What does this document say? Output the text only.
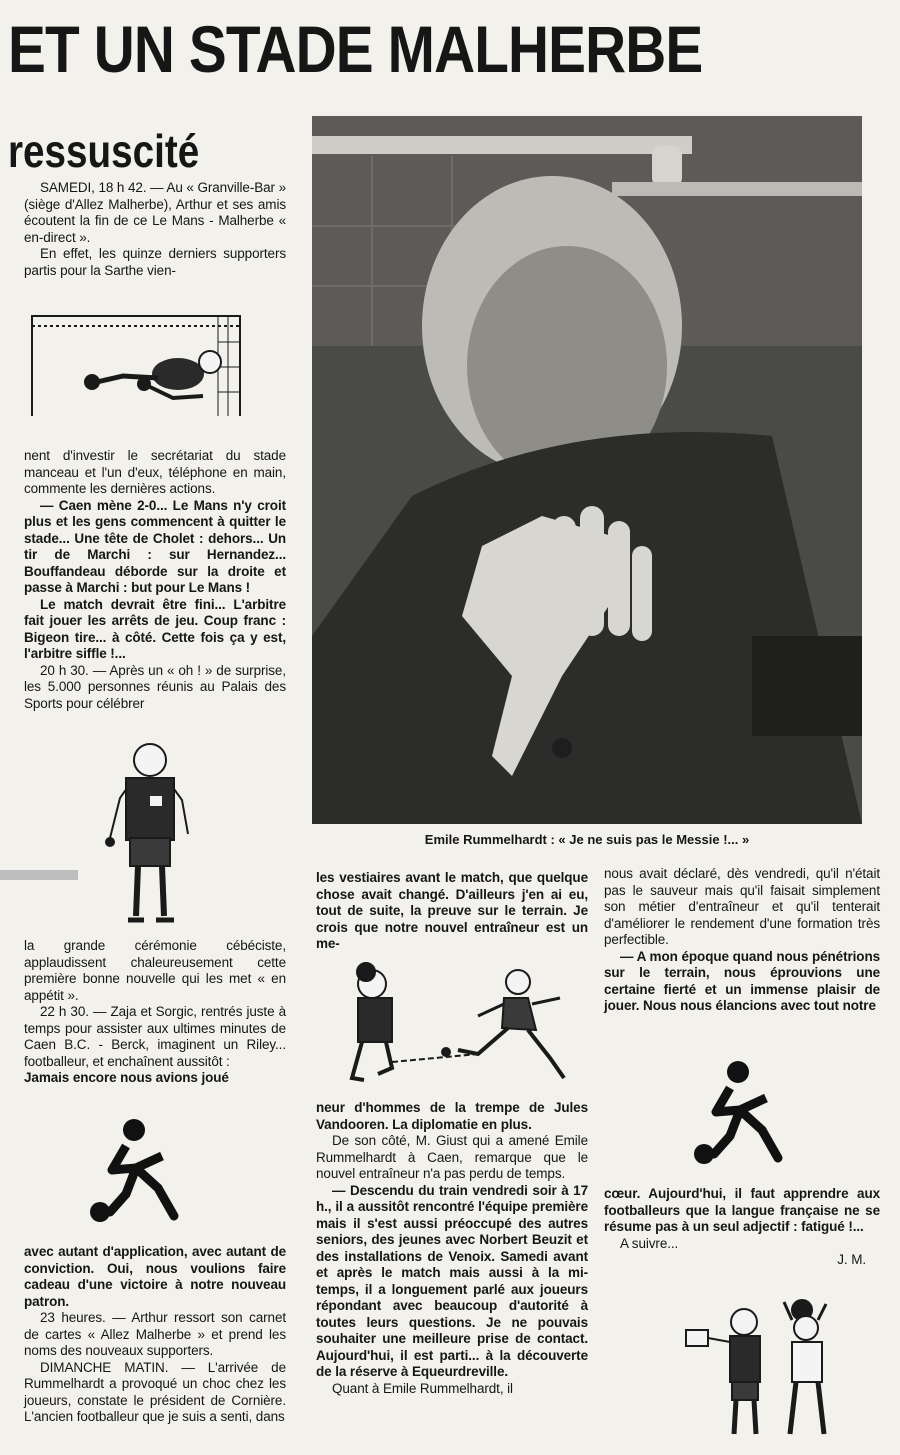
ET UN STADE MALHERBE
ressuscité

SAMEDI, 18 h 42. — Au « Granville-Bar » (siège d'Allez Malherbe), Arthur et ses amis écoutent la fin de ce Le Mans - Malherbe « en-direct ».

En effet, les quinze derniers supporters partis pour la Sarthe vien-

nent d'investir le secrétariat du stade manceau et l'un d'eux, téléphone en main, commente les dernières actions.

— Caen mène 2-0... Le Mans n'y croit plus et les gens commencent à quitter le stade... Une tête de Cholet : dehors... Un tir de Marchi : sur Hernandez... Bouffandeau déborde sur la droite et passe à Marchi : but pour Le Mans !

Le match devrait être fini... L'arbitre fait jouer les arrêts de jeu. Coup franc : Bigeon tire... à côté. Cette fois ça y est, l'arbitre siffle !...

20 h 30. — Après un « oh ! » de surprise, les 5.000 personnes réunis au Palais des Sports pour célébrer

la grande cérémonie cébéciste, applaudissent chaleureusement cette première bonne nouvelle qui les met « en appétit ».

22 h 30. — Zaja et Sorgic, rentrés juste à temps pour assister aux ultimes minutes de Caen B.C. - Berck, imaginent un Riley... footballeur, et enchaînent aussitôt :

Jamais encore nous avions joué

avec autant d'application, avec autant de conviction. Oui, nous voulions faire cadeau d'une victoire à notre nouveau patron.

23 heures. — Arthur ressort son carnet de cartes « Allez Malherbe » et prend les noms des nouveaux supporters.

DIMANCHE MATIN. — L'arrivée de Rummelhardt a provoqué un choc chez les joueurs, constate le président de Cornière. L'ancien footballeur que je suis a senti, dans

Emile Rummelhardt : « Je ne suis pas le Messie !... »

les vestiaires avant le match, que quelque chose avait changé. D'ailleurs j'en ai eu, tout de suite, la preuve sur le terrain. Je crois que notre nouvel entraîneur est un me-

neur d'hommes de la trempe de Jules Vandooren. La diplomatie en plus.

De son côté, M. Giust qui a amené Emile Rummelhardt à Caen, remarque que le nouvel entraîneur n'a pas perdu de temps.

— Descendu du train vendredi soir à 17 h., il a aussitôt rencontré l'équipe première mais il s'est aussi préoccupé des autres seniors, des jeunes avec Norbert Beuzit et des installations de Venoix. Samedi avant et après le match mais aussi à la mi-temps, il a longuement parlé aux joueurs répondant avec beaucoup d'autorité à toutes leurs questions. Je ne pouvais souhaiter une meilleure prise de contact. Aujourd'hui, il est parti... à la découverte de la réserve à Equeurdreville.

Quant à Emile Rummelhardt, il

nous avait déclaré, dès vendredi, qu'il n'était pas le sauveur mais qu'il faisait simplement son métier d'entraîneur et qu'il tenterait d'améliorer le rendement d'une formation très perfectible.

— A mon époque quand nous pénétrions sur le terrain, nous éprouvions une certaine fierté et un immense plaisir de jouer. Nous nous élancions avec tout notre

cœur. Aujourd'hui, il faut apprendre aux footballeurs que la langue française ne se résume pas à un seul adjectif : fatigué !...

A suivre...

J. M.
